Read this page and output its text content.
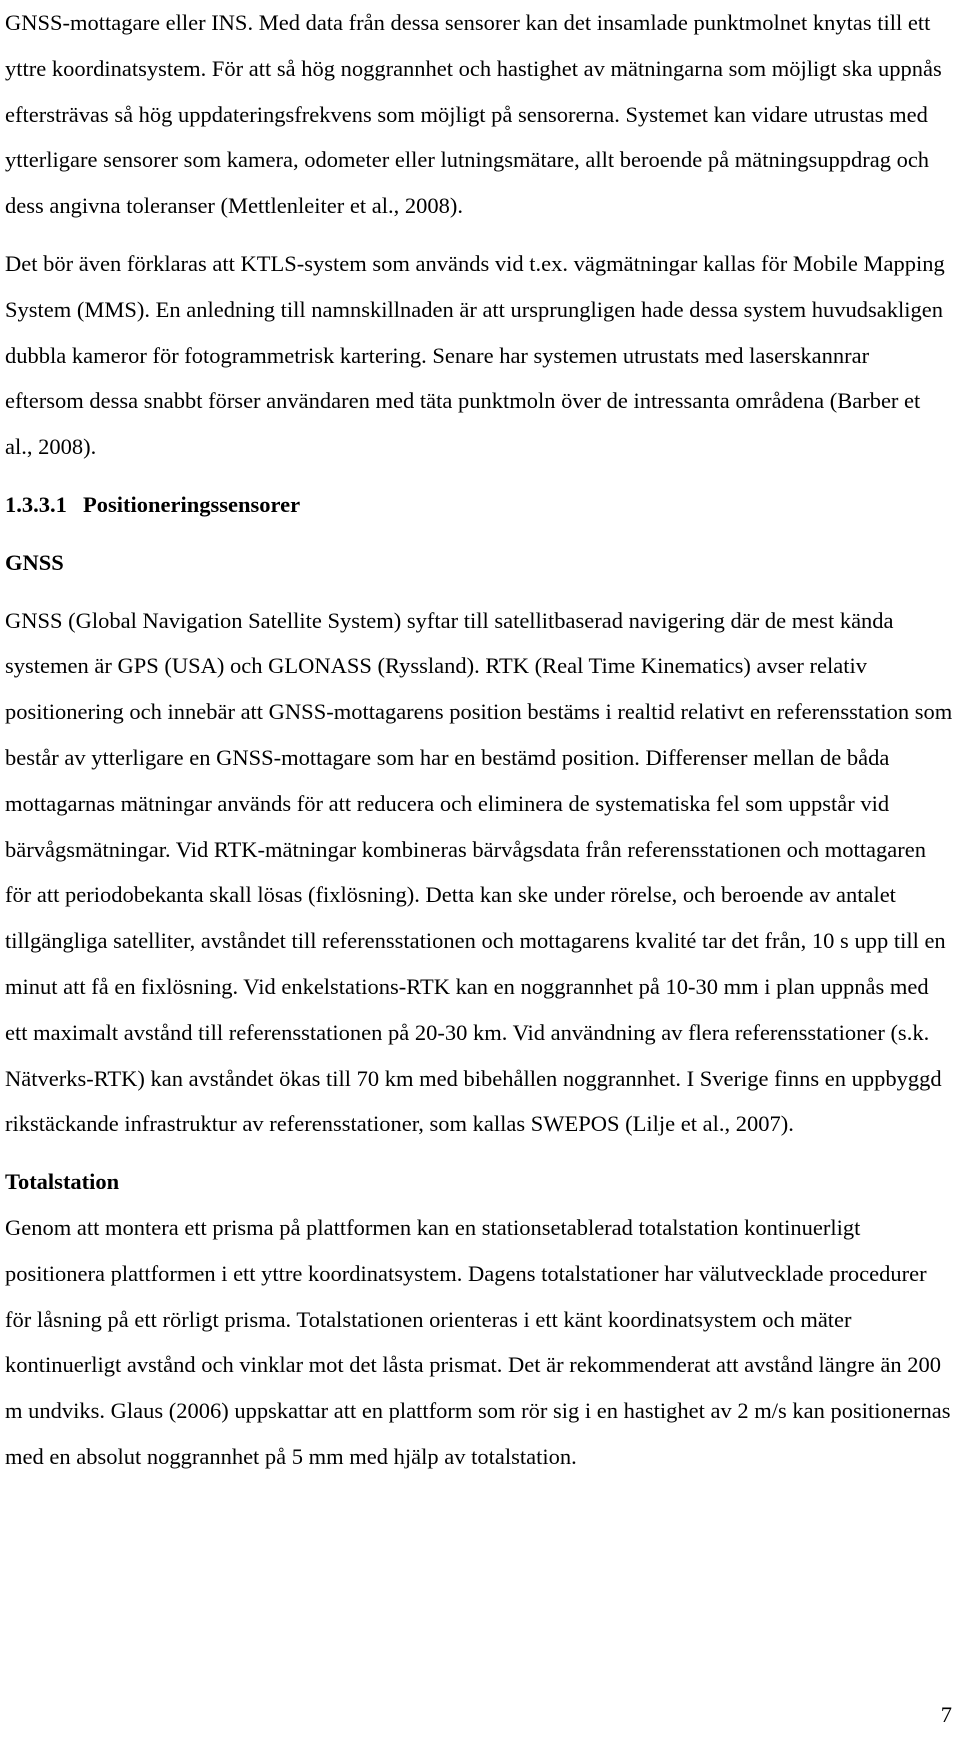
GNSS-mottagare eller INS. Med data från dessa sensorer kan det insamlade punktmolnet knytas till ett yttre koordinatsystem. För att så hög noggrannhet och hastighet av mätningarna som möjligt ska uppnås eftersträvas så hög uppdateringsfrekvens som möjligt på sensorerna. Systemet kan vidare utrustas med ytterligare sensorer som kamera, odometer eller lutningsmätare, allt beroende på mätningsuppdrag och dess angivna toleranser (Mettlenleiter et al., 2008).

Det bör även förklaras att KTLS-system som används vid t.ex. vägmätningar kallas för Mobile Mapping System (MMS). En anledning till namnskillnaden är att ursprungligen hade dessa system huvudsakligen dubbla kameror för fotogrammetrisk kartering. Senare har systemen utrustats med laserskannrar eftersom dessa snabbt förser användaren med täta punktmoln över de intressanta områdena (Barber et al., 2008).

1.3.3.1 Positioneringssensorer
GNSS

GNSS (Global Navigation Satellite System) syftar till satellitbaserad navigering där de mest kända systemen är GPS (USA) och GLONASS (Ryssland). RTK (Real Time Kinematics) avser relativ positionering och innebär att GNSS-mottagarens position bestäms i realtid relativt en referensstation som består av ytterligare en GNSS-mottagare som har en bestämd position. Differenser mellan de båda mottagarnas mätningar används för att reducera och eliminera de systematiska fel som uppstår vid bärvågsmätningar. Vid RTK-mätningar kombineras bärvågsdata från referensstationen och mottagaren för att periodobekanta skall lösas (fixlösning). Detta kan ske under rörelse, och beroende av antalet tillgängliga satelliter, avståndet till referensstationen och mottagarens kvalité tar det från, 10 s upp till en minut att få en fixlösning. Vid enkelstations-RTK kan en noggrannhet på 10-30 mm i plan uppnås med ett maximalt avstånd till referensstationen på 20-30 km. Vid användning av flera referensstationer (s.k. Nätverks-RTK) kan avståndet ökas till 70 km med bibehållen noggrannhet. I Sverige finns en uppbyggd rikstäckande infrastruktur av referensstationer, som kallas SWEPOS (Lilje et al., 2007).

Totalstation

Genom att montera ett prisma på plattformen kan en stationsetablerad totalstation kontinuerligt positionera plattformen i ett yttre koordinatsystem. Dagens totalstationer har välutvecklade procedurer för låsning på ett rörligt prisma. Totalstationen orienteras i ett känt koordinatsystem och mäter kontinuerligt avstånd och vinklar mot det låsta prismat. Det är rekommenderat att avstånd längre än 200 m undviks. Glaus (2006) uppskattar att en plattform som rör sig i en hastighet av 2 m/s kan positionernas med en absolut noggrannhet på 5 mm med hjälp av totalstation.

7
